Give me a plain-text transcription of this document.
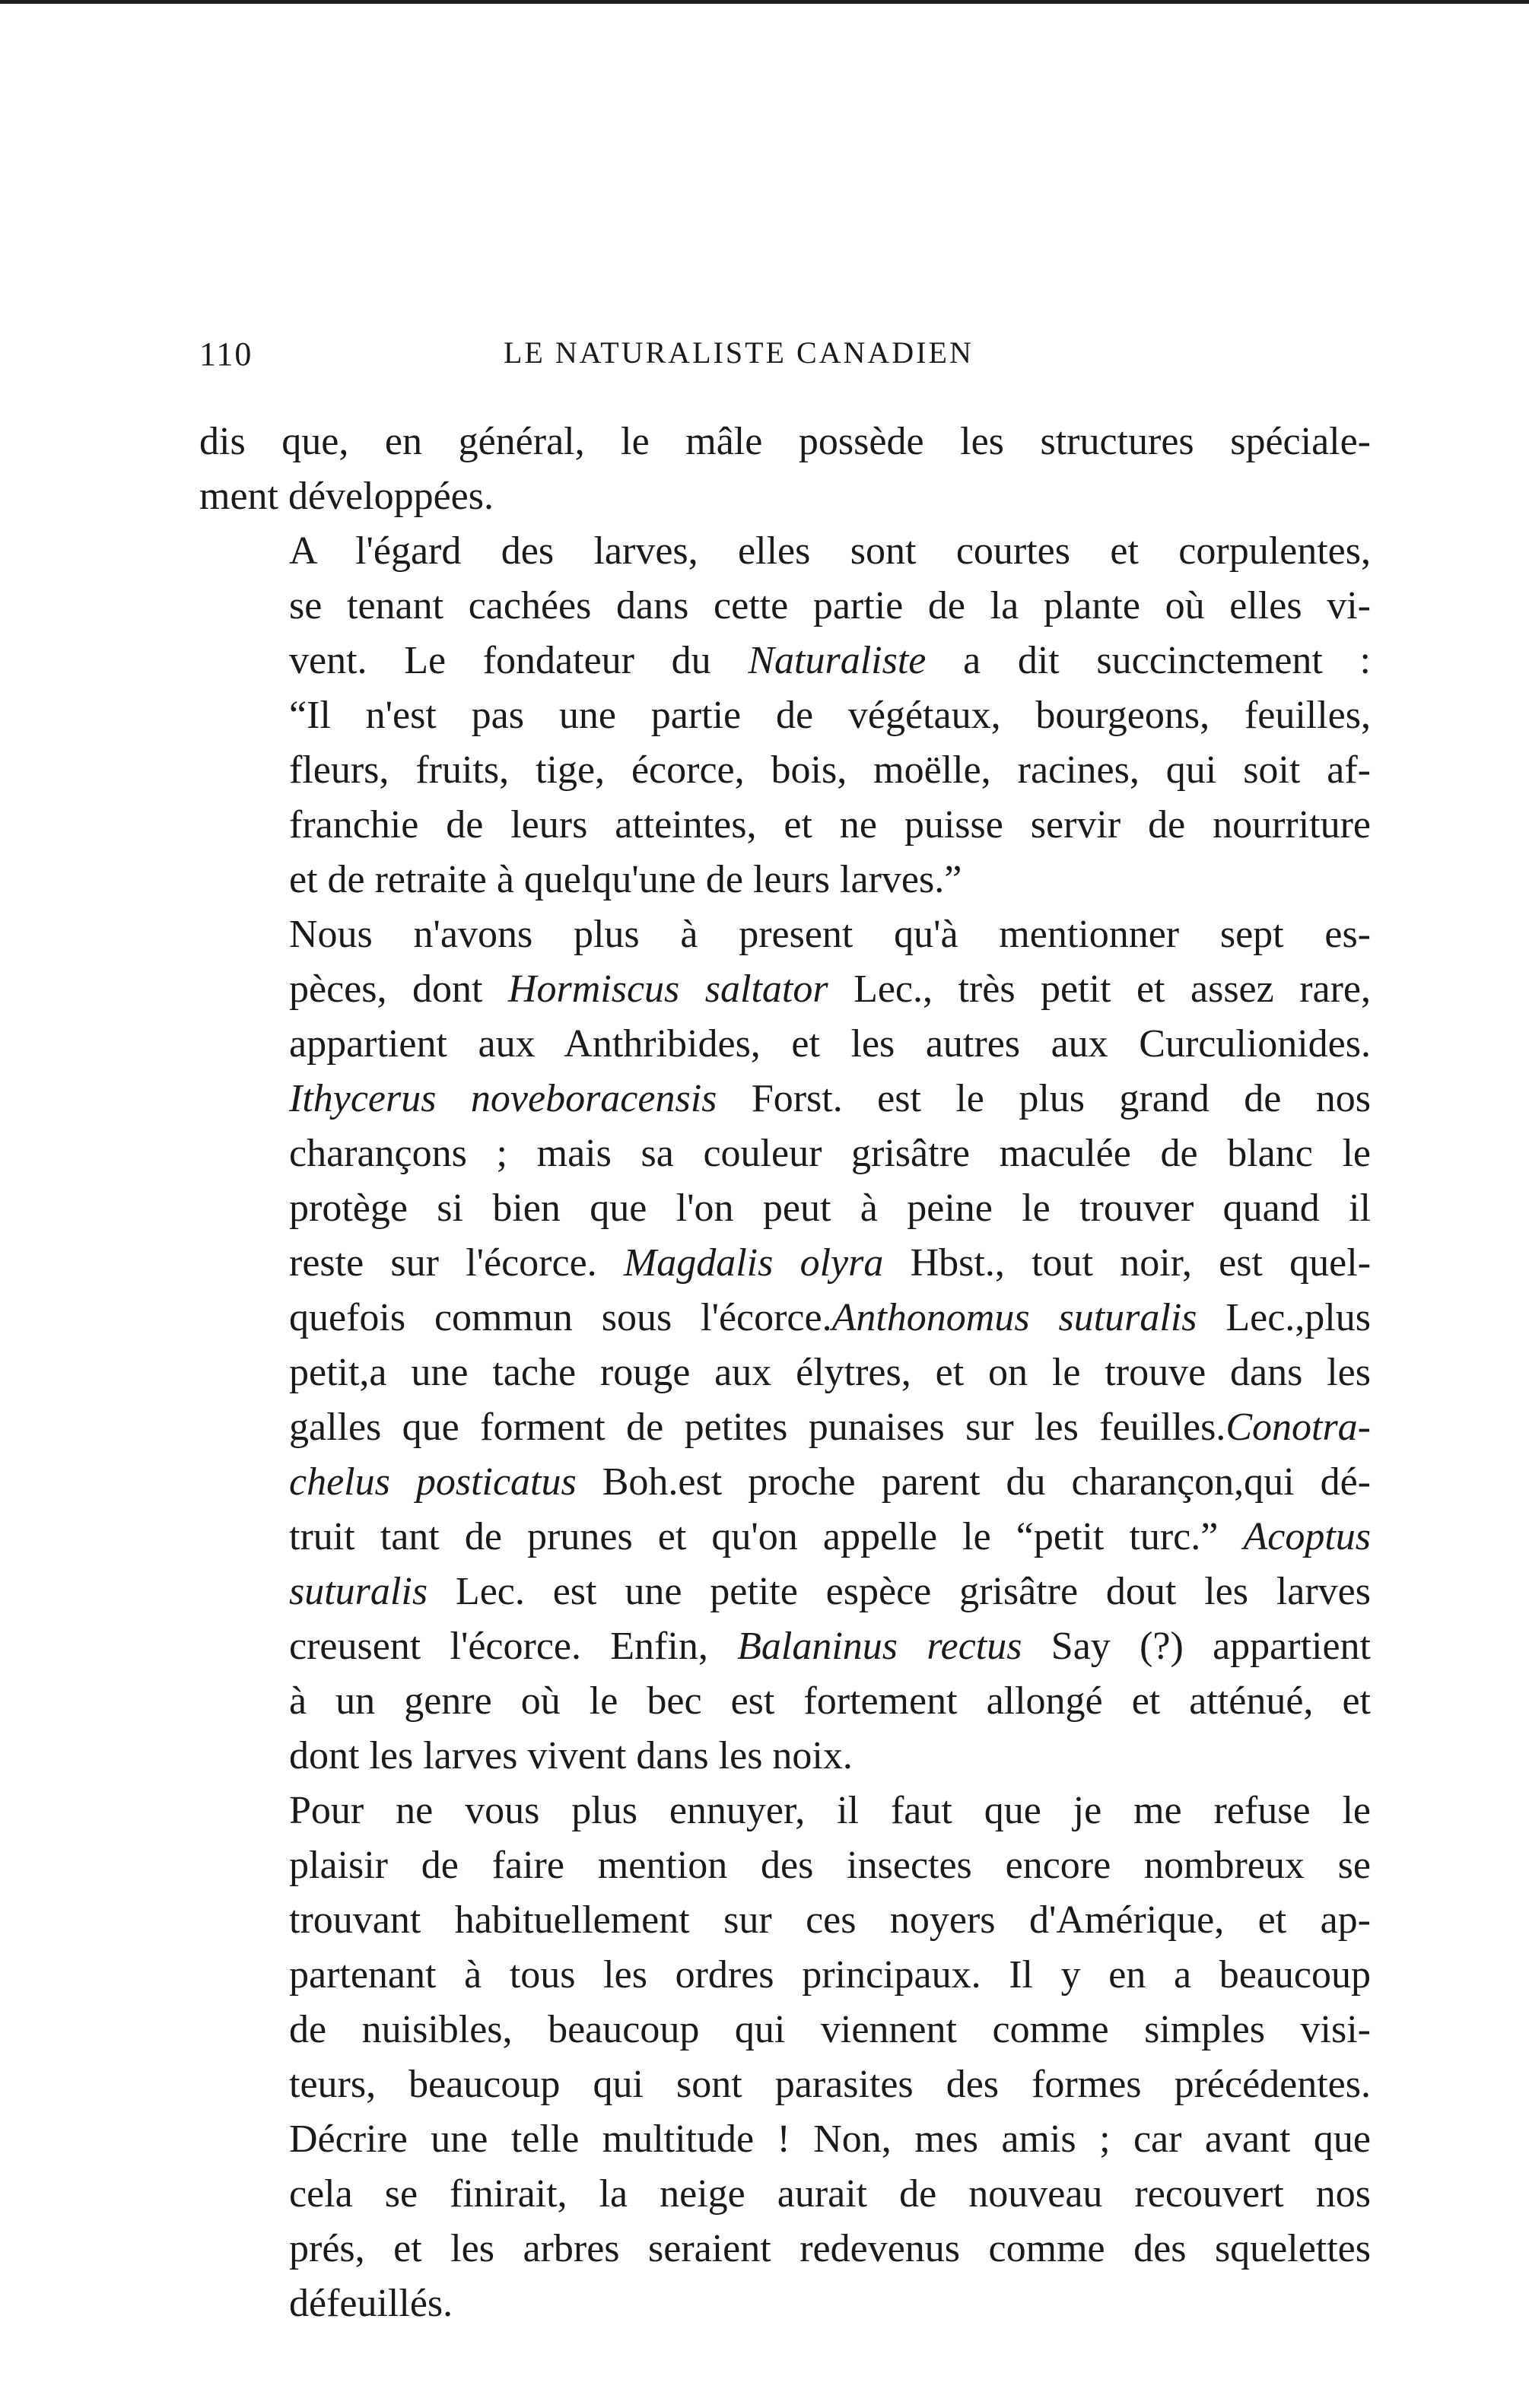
110	LE NATURALISTE CANADIEN
dis que, en général, le mâle possède les structures spéciale-
ment développées.
A l'égard des larves, elles sont courtes et corpulentes,
se tenant cachées dans cette partie de la plante où elles vi-
vent. Le fondateur du Naturaliste a dit succinctement :
“Il n'est pas une partie de végétaux, bourgeons, feuilles,
fleurs, fruits, tige, écorce, bois, moëlle, racines, qui soit af-
franchie de leurs atteintes, et ne puisse servir de nourriture
et de retraite à quelqu'une de leurs larves.”
Nous n'avons plus à present qu'à mentionner sept es-
pèces, dont Hormiscus saltator Lec., très petit et assez rare,
appartient aux Anthribides, et les autres aux Curculionides.
Ithycerus noveboracensis Forst. est le plus grand de nos
charançons ; mais sa couleur grisâtre maculée de blanc le
protège si bien que l'on peut à peine le trouver quand il
reste sur l'écorce. Magdalis olyra Hbst., tout noir, est quel-
quefois commun sous l'écorce.Anthonomus suturalis Lec.,plus
petit,a une tache rouge aux élytres, et on le trouve dans les
galles que forment de petites punaises sur les feuilles.Conotra-
chelus posticatus Boh.est proche parent du charançon,qui dé-
truit tant de prunes et qu'on appelle le “petit turc.” Acoptus
suturalis Lec. est une petite espèce grisâtre dout les larves
creusent l'écorce. Enfin, Balaninus rectus Say (?) appartient
à un genre où le bec est fortement allongé et atténué, et
dont les larves vivent dans les noix.
Pour ne vous plus ennuyer, il faut que je me refuse le
plaisir de faire mention des insectes encore nombreux se
trouvant habituellement sur ces noyers d'Amérique, et ap-
partenant à tous les ordres principaux. Il y en a beaucoup
de nuisibles, beaucoup qui viennent comme simples visi-
teurs, beaucoup qui sont parasites des formes précédentes.
Décrire une telle multitude ! Non, mes amis ; car avant que
cela se finirait, la neige aurait de nouveau recouvert nos
prés, et les arbres seraient redevenus comme des squelettes
défeuillés.
